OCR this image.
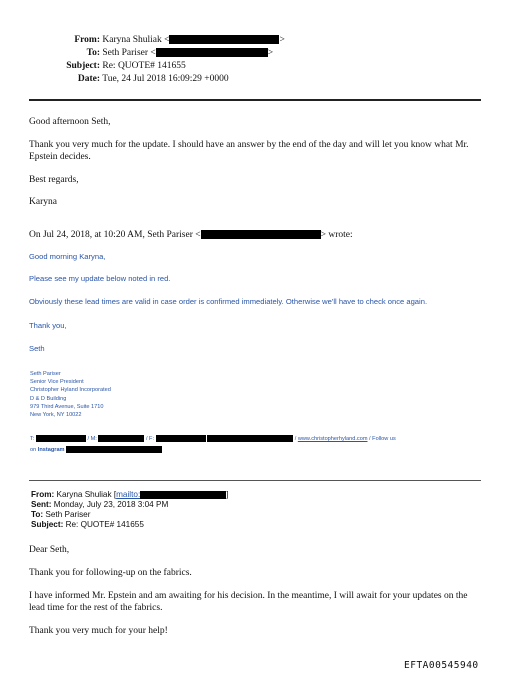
From: Karyna Shuliak <	>
To: Seth Pariser <	>
Subject: Re: QUOTE# 141655
Date: Tue, 24 Jul 2018 16:09:29 +0000
Good afternoon Seth,
Thank you very much for the update. I should have an answer by the end of the day and will let you know what Mr. Epstein decides.
Best regards,
Karyna
On Jul 24, 2018, at 10:20 AM, Seth Pariser <	> wrote:
Good morning Karyna,
Please see my update below noted in red.
Obviously these lead times are valid in case order is confirmed immediately. Otherwise we'll have to check once again.
Thank you,
Seth
Seth Pariser
Senior Vice President
Christopher Hyland Incorporated
D & D Building
979 Third Avenue, Suite 1710
New York, NY 10022
T:	/ M:	/ F:	/ www.christopherhyland.com / Follow us
on Instagram
From: Karyna Shuliak [mailto:	]
Sent: Monday, July 23, 2018 3:04 PM
To: Seth Pariser
Subject: Re: QUOTE# 141655
Dear Seth,
Thank you for following-up on the fabrics.
I have informed Mr. Epstein and am awaiting for his decision. In the meantime, I will await for your updates on the lead time for the rest of the fabrics.
Thank you very much for your help!
EFTA00545940
